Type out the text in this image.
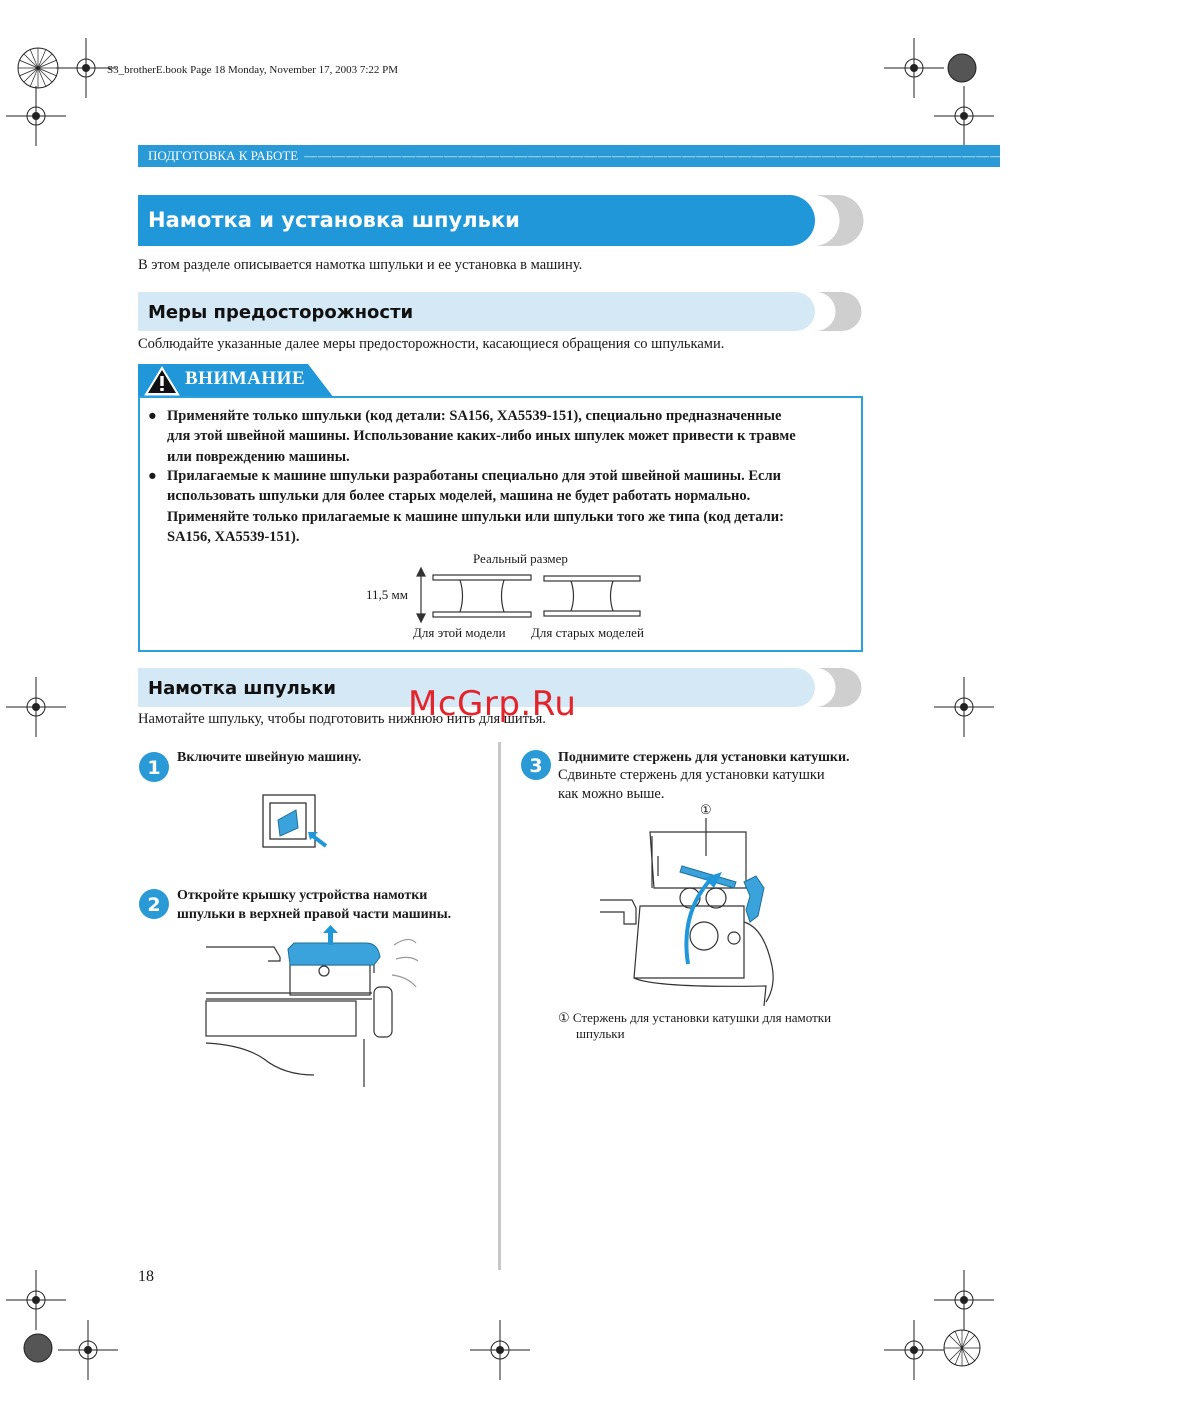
S3_brotherE.book Page 18 Monday, November 17, 2003 7:22 PM
ПОДГОТОВКА К РАБОТЕ ————————————————————————————————————————————————————————————————
Намотка и установка шпульки
В этом разделе описывается намотка шпульки и ее установка в машину.
Меры предосторожности
Соблюдайте указанные далее меры предосторожности, касающиеся обращения со шпульками.
ВНИМАНИЕ
● Применяйте только шпульки (код детали: SA156, XA5539-151), специально предназначенные
для этой швейной машины. Использование каких-либо иных шпулек может привести к травме
или повреждению машины.
● Прилагаемые к машине шпульки разработаны специально для этой швейной машины. Если
использовать шпульки для более старых моделей, машина не будет работать нормально.
Применяйте только прилагаемые к машине шпульки или шпульки того же типа (код детали:
SA156, XA5539-151).
Реальный размер
11,5 мм
Для этой модели Для старых моделей
Намотка шпульки
Намотайте шпульку, чтобы подготовить нижнюю нить для шитья.
1 Включите швейную машину.
2 Откройте крышку устройства намотки
шпульки в верхней правой части машины.
3 Поднимите стержень для установки катушки.
Сдвиньте стержень для установки катушки
как можно выше.
①
① Стержень для установки катушки для намотки
шпульки
McGrp.Ru
18
